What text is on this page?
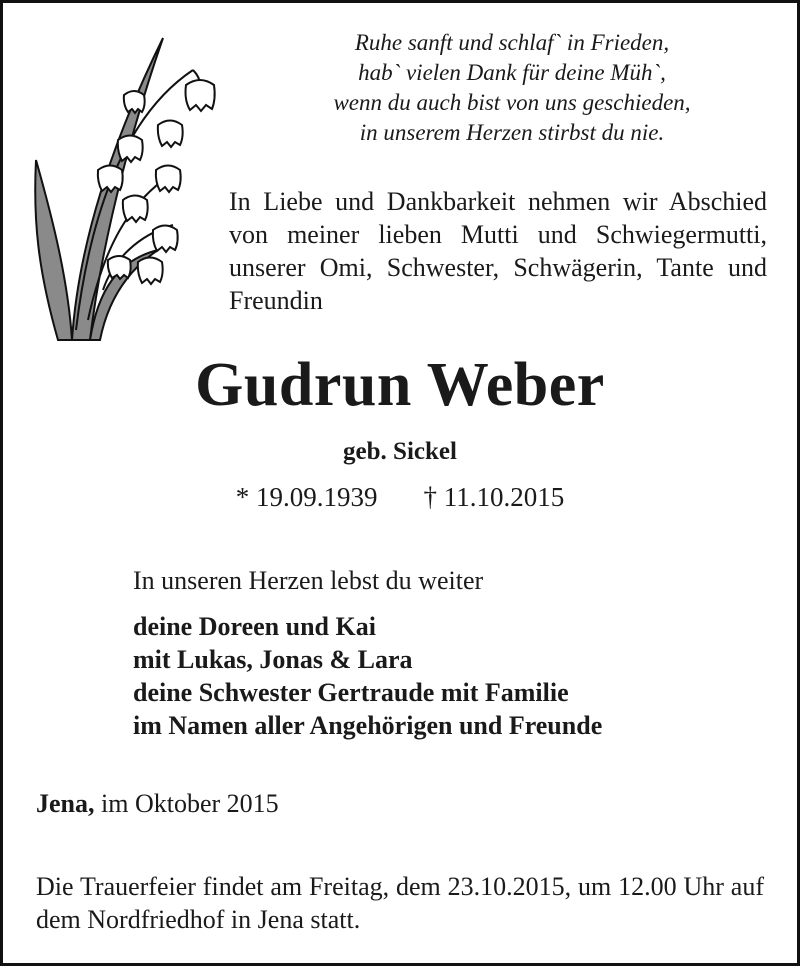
Ruhe sanft und schlaf` in Frieden,
hab` vielen Dank für deine Müh`,
wenn du auch bist von uns geschieden,
in unserem Herzen stirbst du nie.
In Liebe und Dankbarkeit nehmen wir Abschied von meiner lieben Mutti und Schwiegermutti, unserer Omi, Schwester, Schwägerin, Tante und Freundin
Gudrun Weber
geb. Sickel
* 19.09.1939 † 11.10.2015
In unseren Herzen lebst du weiter
deine Doreen und Kai
mit Lukas, Jonas & Lara
deine Schwester Gertraude mit Familie
im Namen aller Angehörigen und Freunde
Jena, im Oktober 2015
Die Trauerfeier findet am Freitag, dem 23.10.2015, um 12.00 Uhr auf dem Nordfriedhof in Jena statt.
